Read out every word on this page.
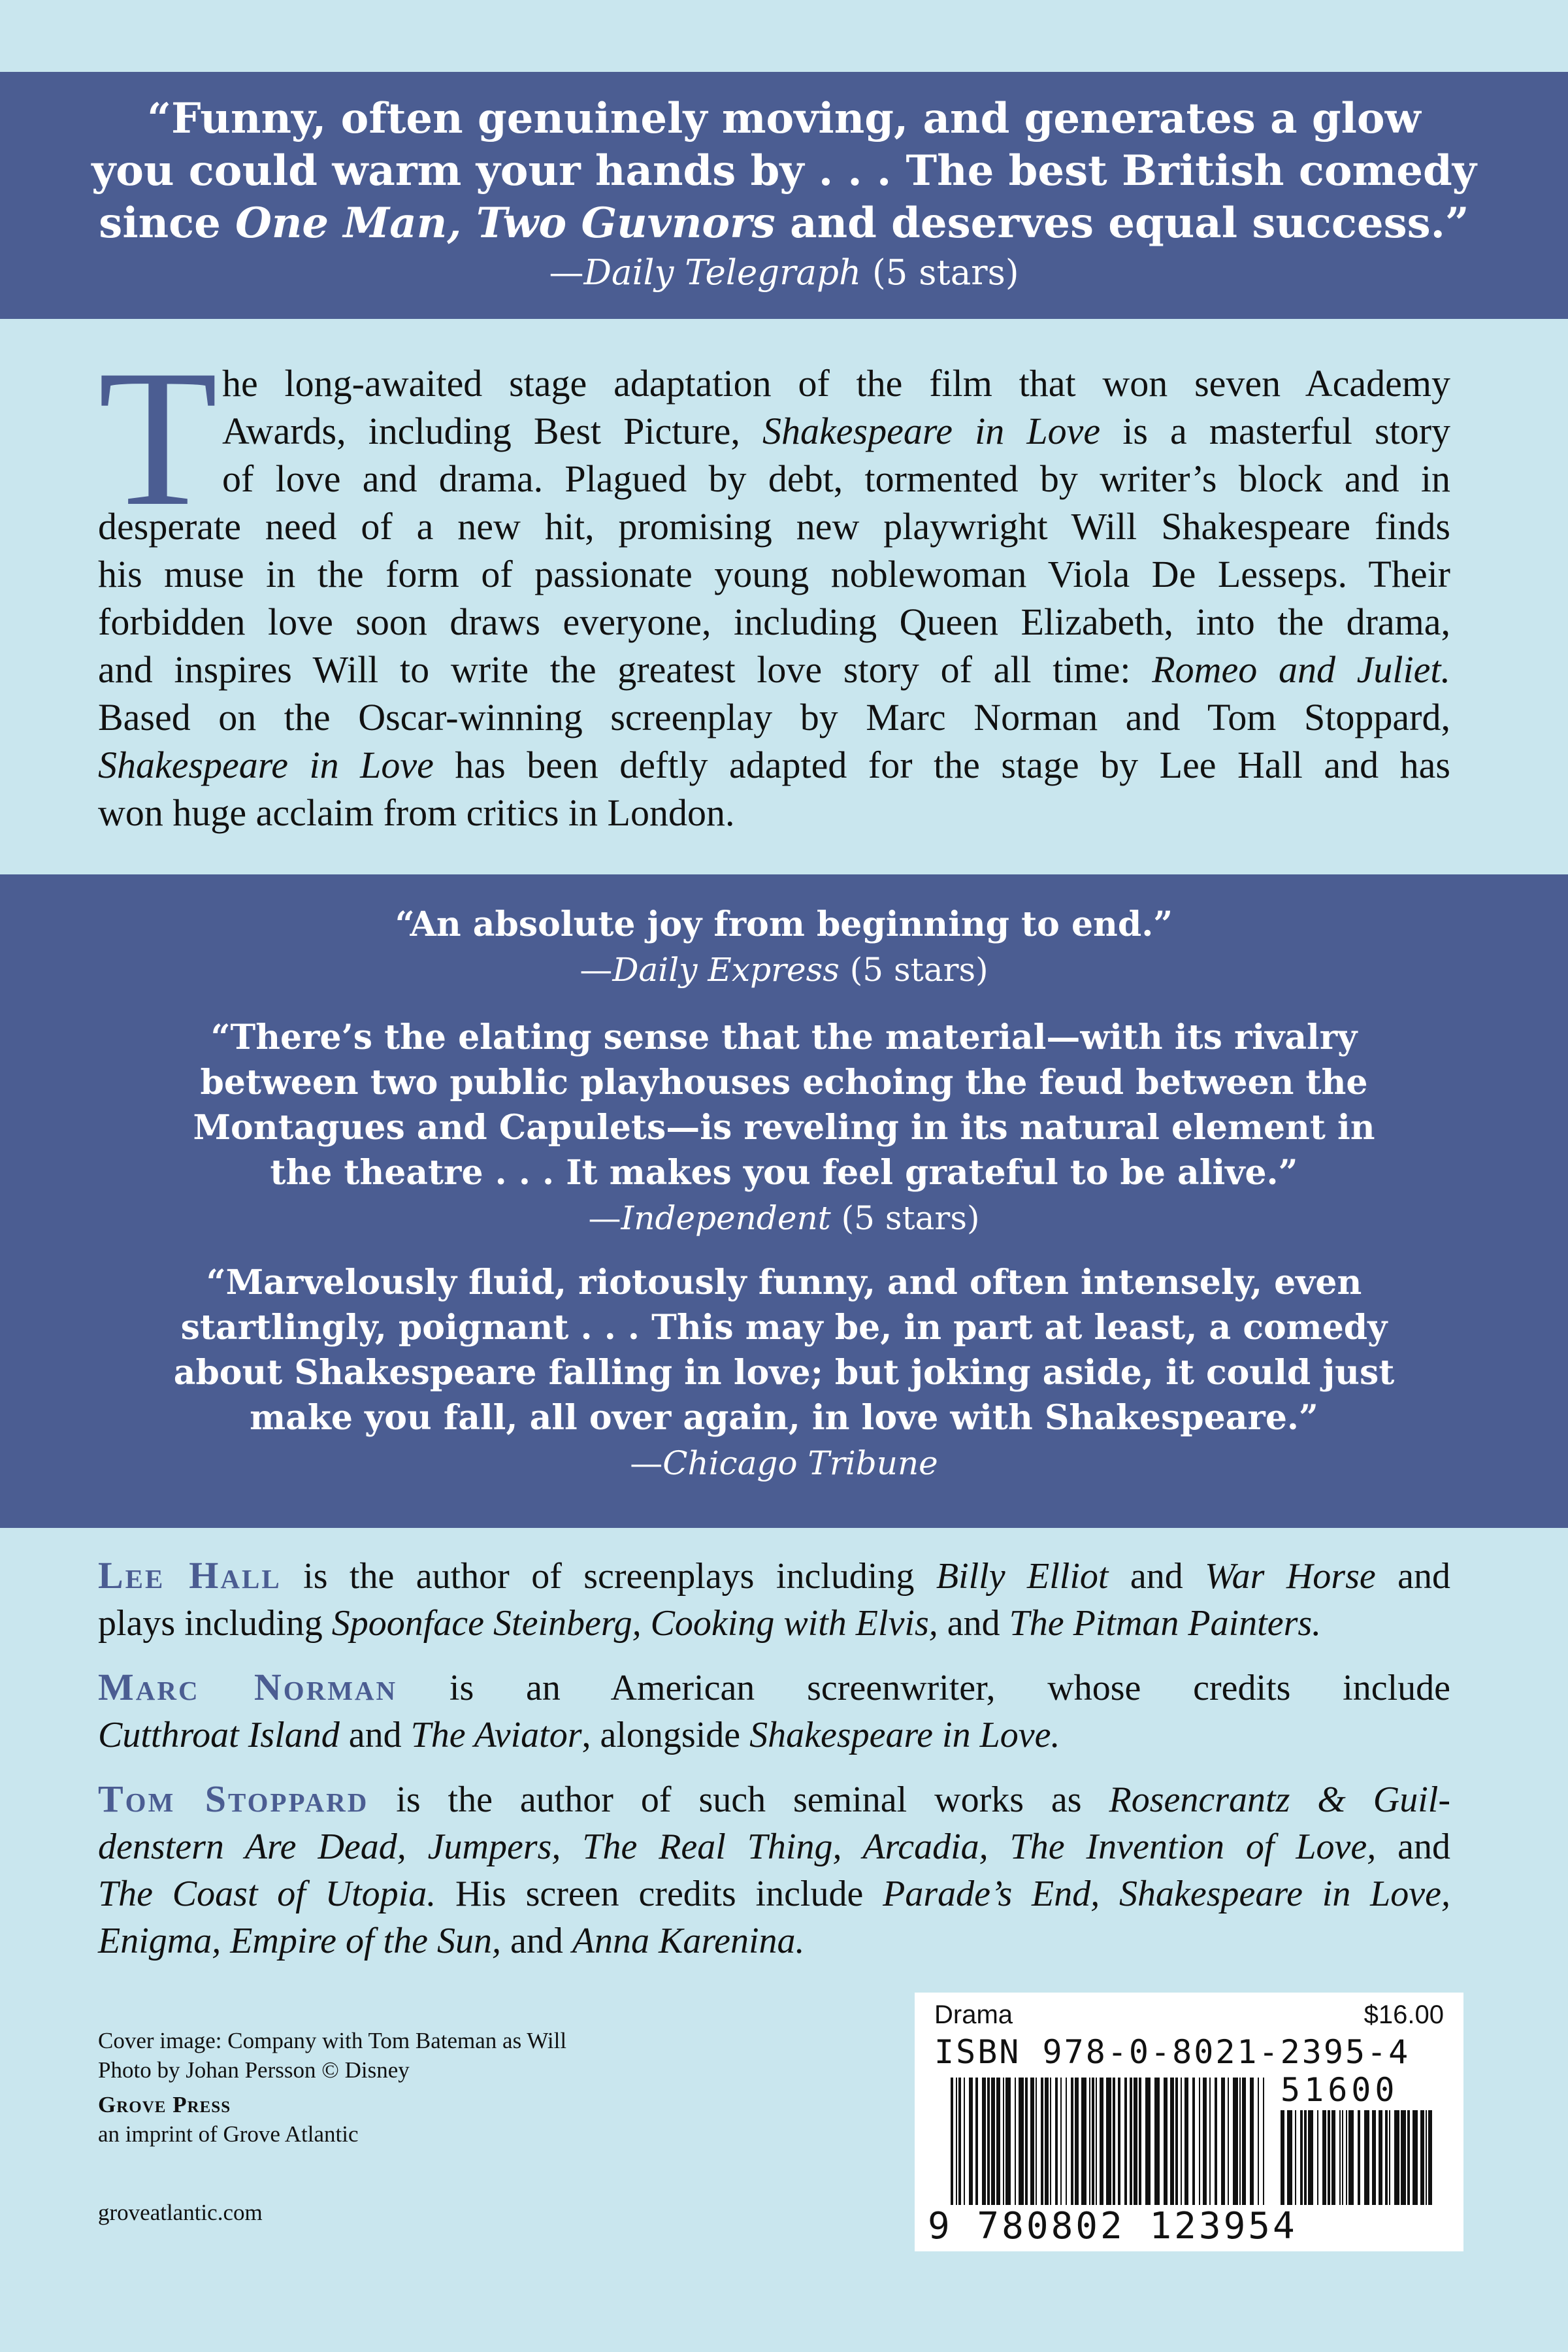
“Funny, often genuinely moving, and generates a glow
you could warm your hands by . . . The best British comedy
since One Man, Two Guvnors and deserves equal success.”
—Daily Telegraph (5 stars)
T he long-awaited stage adaptation of the film that won seven Academy
Awards, including Best Picture, Shakespeare in Love is a masterful story
of love and drama. Plagued by debt, tormented by writer’s block and in
desperate need of a new hit, promising new playwright Will Shakespeare finds
his muse in the form of passionate young noblewoman Viola De Lesseps. Their
forbidden love soon draws everyone, including Queen Elizabeth, into the drama,
and inspires Will to write the greatest love story of all time: Romeo and Juliet.
Based on the Oscar-winning screenplay by Marc Norman and Tom Stoppard,
Shakespeare in Love has been deftly adapted for the stage by Lee Hall and has
won huge acclaim from critics in London.
“An absolute joy from beginning to end.”
—Daily Express (5 stars)
“There’s the elating sense that the material—with its rivalry
between two public playhouses echoing the feud between the
Montagues and Capulets—is reveling in its natural element in
the theatre . . . It makes you feel grateful to be alive.”
—Independent (5 stars)
“Marvelously fluid, riotously funny, and often intensely, even
startlingly, poignant . . . This may be, in part at least, a comedy
about Shakespeare falling in love; but joking aside, it could just
make you fall, all over again, in love with Shakespeare.”
—Chicago Tribune
Lee Hall is the author of screenplays including Billy Elliot and War Horse and
plays including Spoonface Steinberg, Cooking with Elvis, and The Pitman Painters.
Marc Norman is an American screenwriter, whose credits include
Cutthroat Island and The Aviator, alongside Shakespeare in Love.
Tom Stoppard is the author of such seminal works as Rosencrantz & Guil-
denstern Are Dead, Jumpers, The Real Thing, Arcadia, The Invention of Love, and
The Coast of Utopia. His screen credits include Parade’s End, Shakespeare in Love,
Enigma, Empire of the Sun, and Anna Karenina.
Cover image: Company with Tom Bateman as Will
Photo by Johan Persson © Disney
Grove Press
an imprint of Grove Atlantic
groveatlantic.com
Drama	$16.00
ISBN 978-0-8021-2395-4
51600
9 780802 123954
